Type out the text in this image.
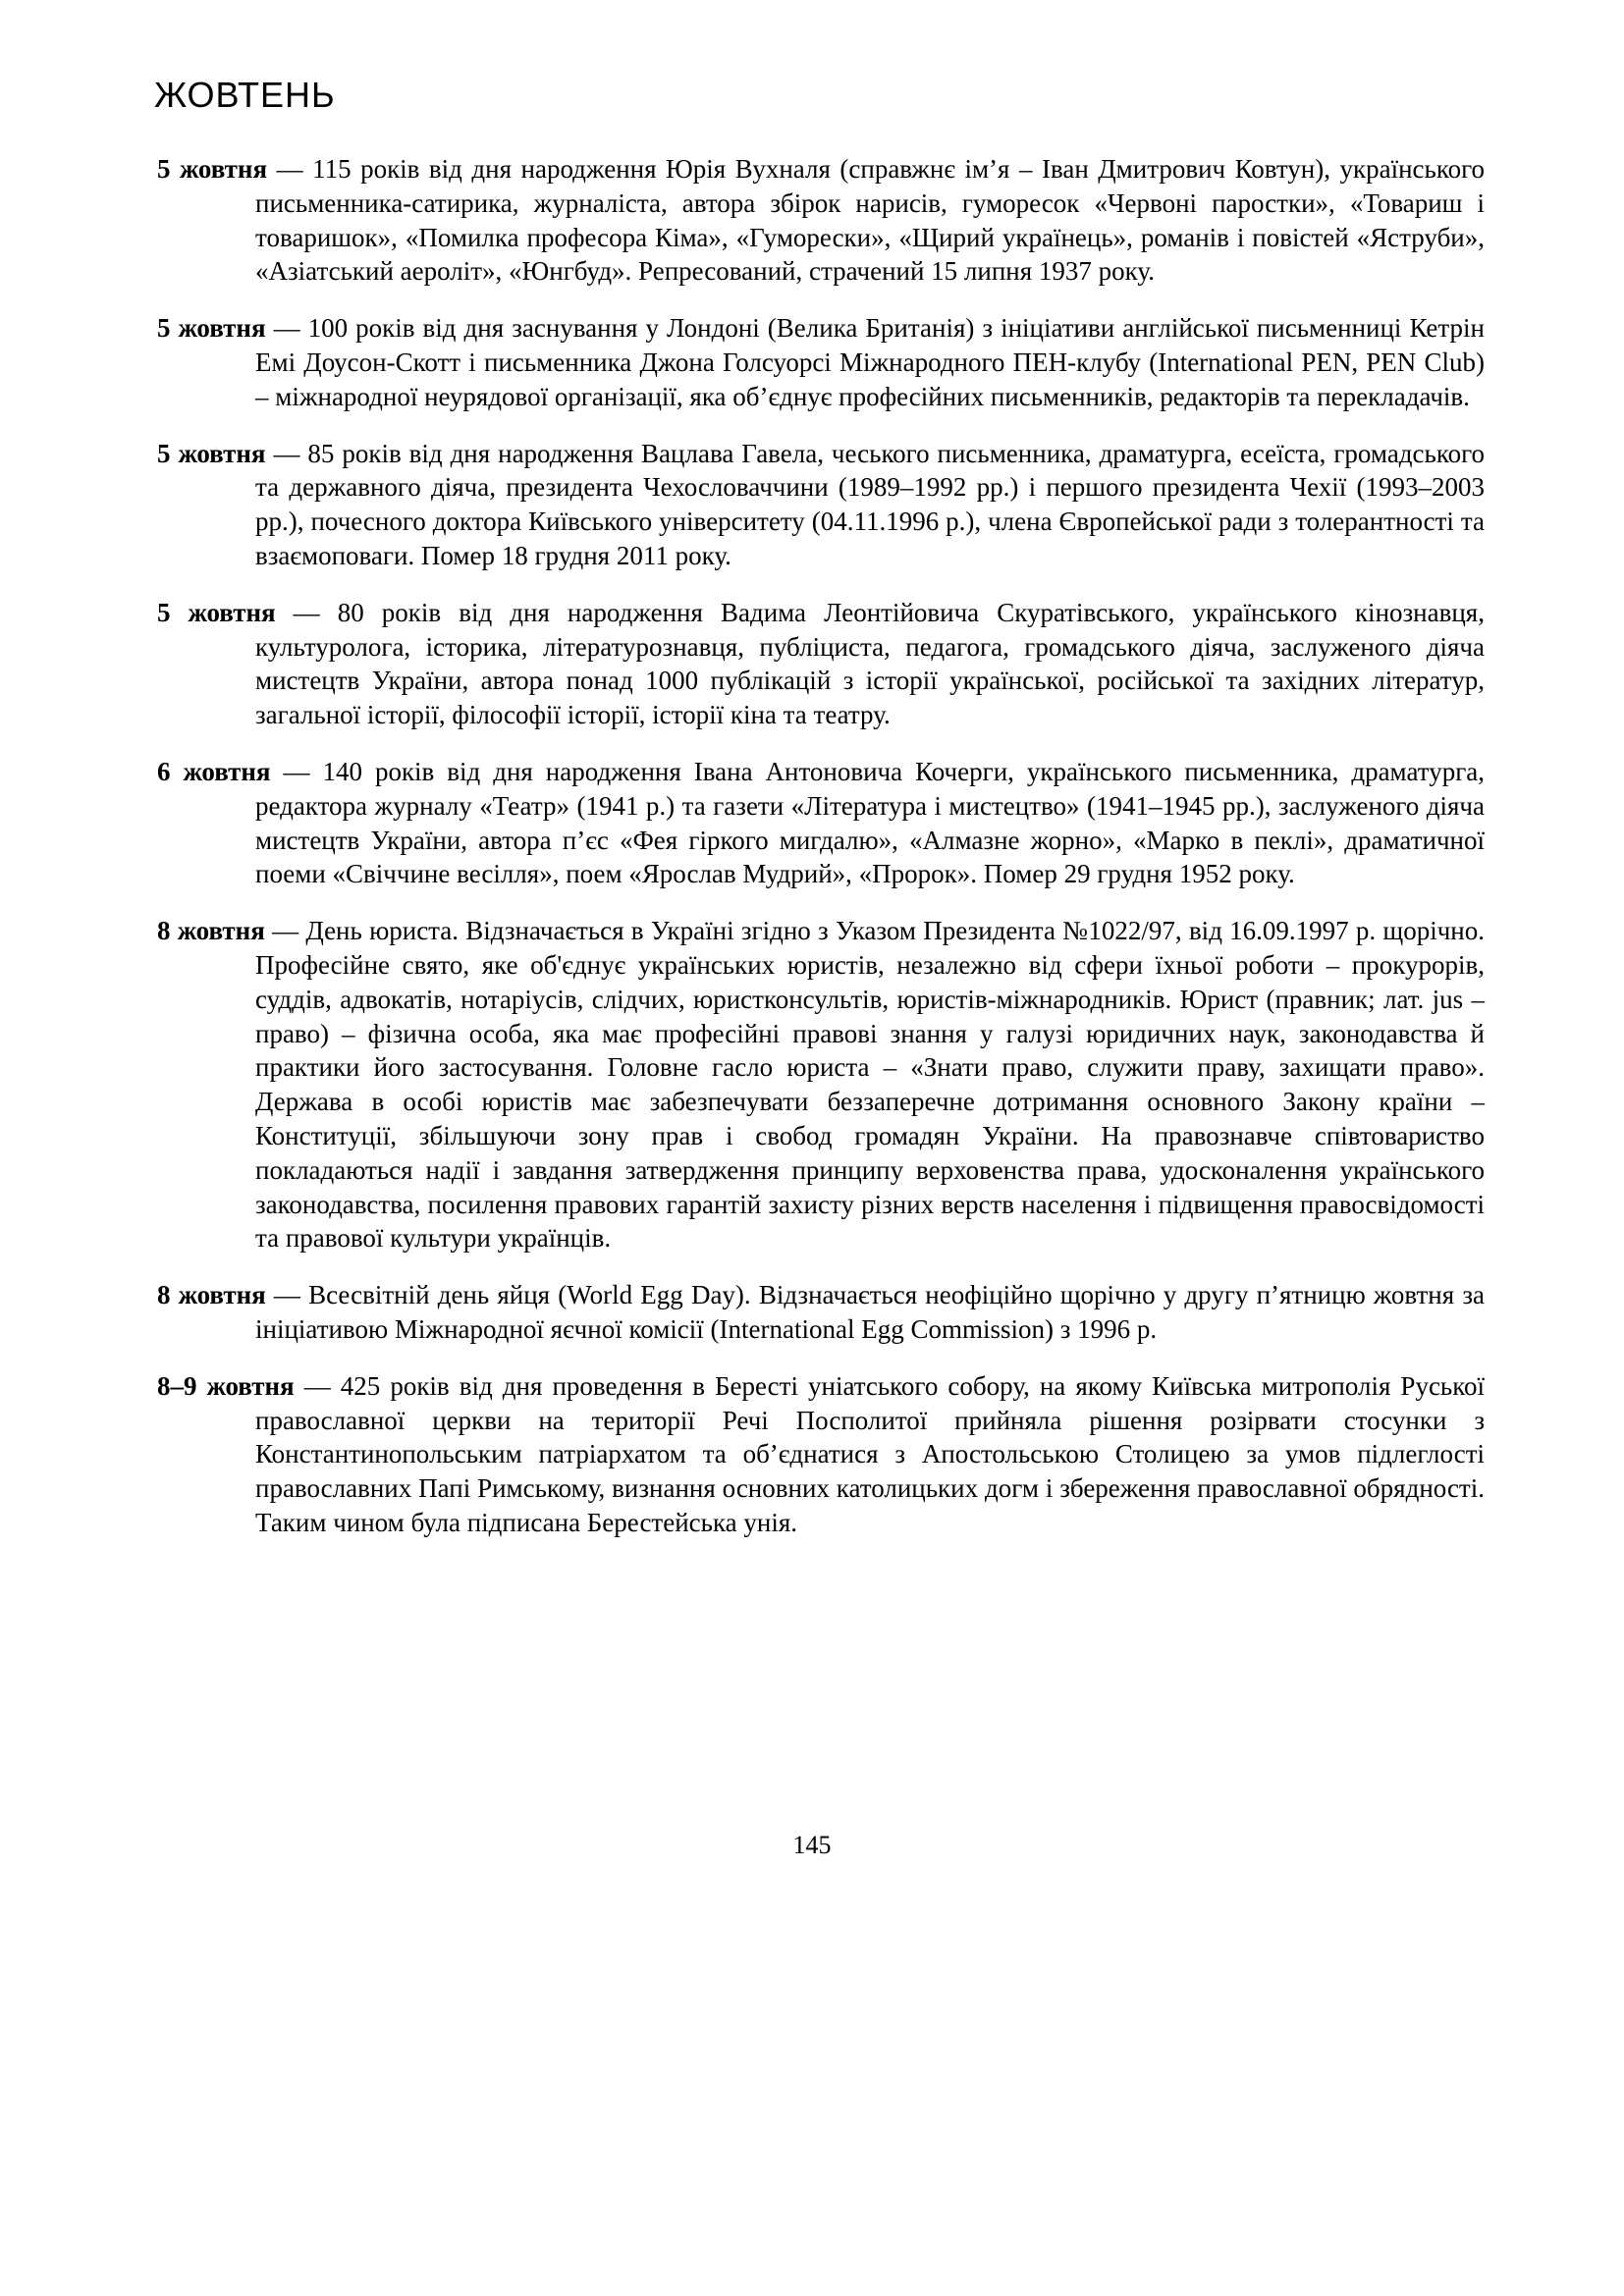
ЖОВТЕНЬ

5 жовтня — 115 років від дня народження Юрія Вухналя (справжнє ім’я – Іван Дмитрович Ковтун), українського письменника-сатирика, журналіста, автора збірок нарисів, гуморесок «Червоні паростки», «Товариш і товаришок», «Помилка професора Кіма», «Гуморески», «Щирий українець», романів і повістей «Яструби», «Азіатський аероліт», «Юнгбуд». Репресований, страчений 15 липня 1937 року.

5 жовтня — 100 років від дня заснування у Лондоні (Велика Британія) з ініціативи англійської письменниці Кетрін Емі Доусон-Скотт і письменника Джона Голсуорсі Міжнародного ПЕН-клубу (International PEN, PEN Club) – міжнародної неурядової організації, яка об’єднує професійних письменників, редакторів та перекладачів.

5 жовтня — 85 років від дня народження Вацлава Гавела, чеського письменника, драматурга, есеїста, громадського та державного діяча, президента Чехословаччини (1989–1992 рр.) і першого президента Чехії (1993–2003 рр.), почесного доктора Київського університету (04.11.1996 р.), члена Європейської ради з толерантності та взаємоповаги. Помер 18 грудня 2011 року.

5 жовтня — 80 років від дня народження Вадима Леонтійовича Скуратівського, українського кінознавця, культуролога, історика, літературознавця, публіциста, педагога, громадського діяча, заслуженого діяча мистецтв України, автора понад 1000 публікацій з історії української, російської та західних літератур, загальної історії, філософії історії, історії кіна та театру.

6 жовтня — 140 років від дня народження Івана Антоновича Кочерги, українського письменника, драматурга, редактора журналу «Театр» (1941 р.) та газети «Література і мистецтво» (1941–1945 рр.), заслуженого діяча мистецтв України, автора п’єс «Фея гіркого мигдалю», «Алмазне жорно», «Марко в пеклі», драматичної поеми «Свіччине весілля», поем «Ярослав Мудрий», «Пророк». Помер 29 грудня 1952 року.

8 жовтня — День юриста. Відзначається в Україні згідно з Указом Президента №1022/97, від 16.09.1997 р. щорічно. Професійне свято, яке об'єднує українських юристів, незалежно від сфери їхньої роботи – прокурорів, суддів, адвокатів, нотаріусів, слідчих, юристконсультів, юристів-міжнародників. Юрист (правник; лат. jus – право) – фізична особа, яка має професійні правові знання у галузі юридичних наук, законодавства й практики його застосування. Головне гасло юриста – «Знати право, служити праву, захищати право». Держава в особі юристів має забезпечувати беззаперечне дотримання основного Закону країни – Конституції, збільшуючи зону прав і свобод громадян України. На правознавче співтовариство покладаються надії і завдання затвердження принципу верховенства права, удосконалення українського законодавства, посилення правових гарантій захисту різних верств населення і підвищення правосвідомості та правової культури українців.

8 жовтня — Всесвітній день яйця (World Egg Day). Відзначається неофіційно щорічно у другу п’ятницю жовтня за ініціативою Міжнародної яєчної комісії (International Egg Commission) з 1996 р.

8–9 жовтня — 425 років від дня проведення в Бересті уніатського собору, на якому Київська митрополія Руської православної церкви на території Речі Посполитої прийняла рішення розірвати стосунки з Константинопольським патріархатом та об’єднатися з Апостольською Столицею за умов підлеглості православних Папі Римському, визнання основних католицьких догм і збереження православної обрядності. Таким чином була підписана Берестейська унія.

145
